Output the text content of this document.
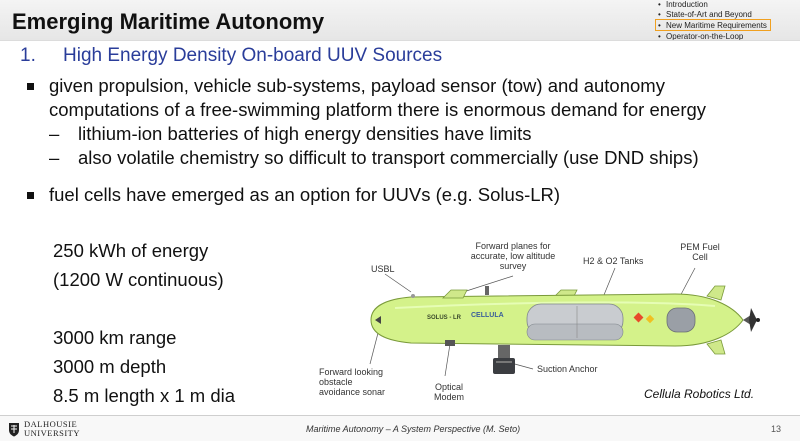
Emerging Maritime Autonomy
• Introduction
• State-of-Art and Beyond
• New Maritime Requirements
• Operator-on-the-Loop
1. High Energy Density On-board UUV Sources
given propulsion, vehicle sub-systems, payload sensor (tow) and autonomy
computations of a free-swimming platform there is enormous demand for energy
– lithium-ion batteries of high energy densities have limits
– also volatile chemistry so difficult to transport commercially (use DND ships)
fuel cells have emerged as an option for UUVs (e.g. Solus-LR)
250 kWh of energy
(1200 W continuous)
3000 km range
3000 m depth
8.5 m length x 1 m dia
SOLUS - LR CELLULA
USBL
Forward planes for
accurate, low altitude
survey	H2 & O2 Tanks
PEM Fuel
Cell
Forward looking
obstacle
avoidance sonar	Optical
Modem
Suction Anchor
Cellula Robotics Ltd.
DALHOUSIE
UNIVERSITY	Maritime Autonomy – A System Perspective (M. Seto)	13
